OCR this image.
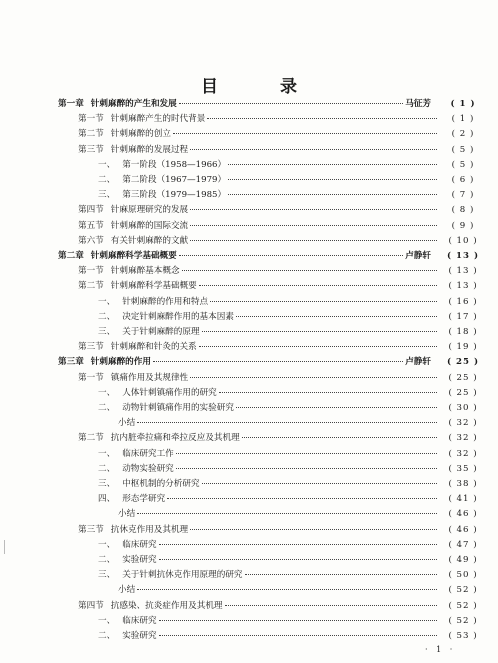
目 录
第一章 针刺麻醉的产生和发展	马征芳	( 1 )
第一节 针刺麻醉产生的时代背景	( 1 )
第二节 针刺麻醉的创立	( 2 )
第三节 针刺麻醉的发展过程	( 5 )
一、 第一阶段（1958—1966）	( 5 )
二、 第二阶段（1967—1979）	( 6 )
三、 第三阶段（1979—1985）	( 7 )
第四节 针麻原理研究的发展	( 8 )
第五节 针刺麻醉的国际交流	( 9 )
第六节 有关针刺麻醉的文献	( 10 )
第二章 针刺麻醉科学基础概要	卢静轩	( 13 )
第一节 针刺麻醉基本概念	( 13 )
第二节 针刺麻醉科学基础概要	( 13 )
一、 针刺麻醉的作用和特点	( 16 )
二、 决定针刺麻醉作用的基本因素	( 17 )
三、 关于针刺麻醉的原理	( 18 )
第三节 针刺麻醉和针灸的关系	( 19 )
第三章 针刺麻醉的作用	卢静轩	( 25 )
第一节 镇痛作用及其规律性	( 25 )
一、 人体针刺镇痛作用的研究	( 25 )
二、 动物针刺镇痛作用的实验研究	( 30 )
小结	( 32 )
第二节 抗内脏牵拉痛和牵拉反应及其机理	( 32 )
一、 临床研究工作	( 32 )
二、 动物实验研究	( 35 )
三、 中枢机制的分析研究	( 38 )
四、 形态学研究	( 41 )
小结	( 46 )
第三节 抗休克作用及其机理	( 46 )
一、 临床研究	( 47 )
二、 实验研究	( 49 )
三、 关于针刺抗休克作用原理的研究	( 50 )
小结	( 52 )
第四节 抗感染、抗炎症作用及其机理	( 52 )
一、 临床研究	( 52 )
二、 实验研究	( 53 )
· 1 ·
